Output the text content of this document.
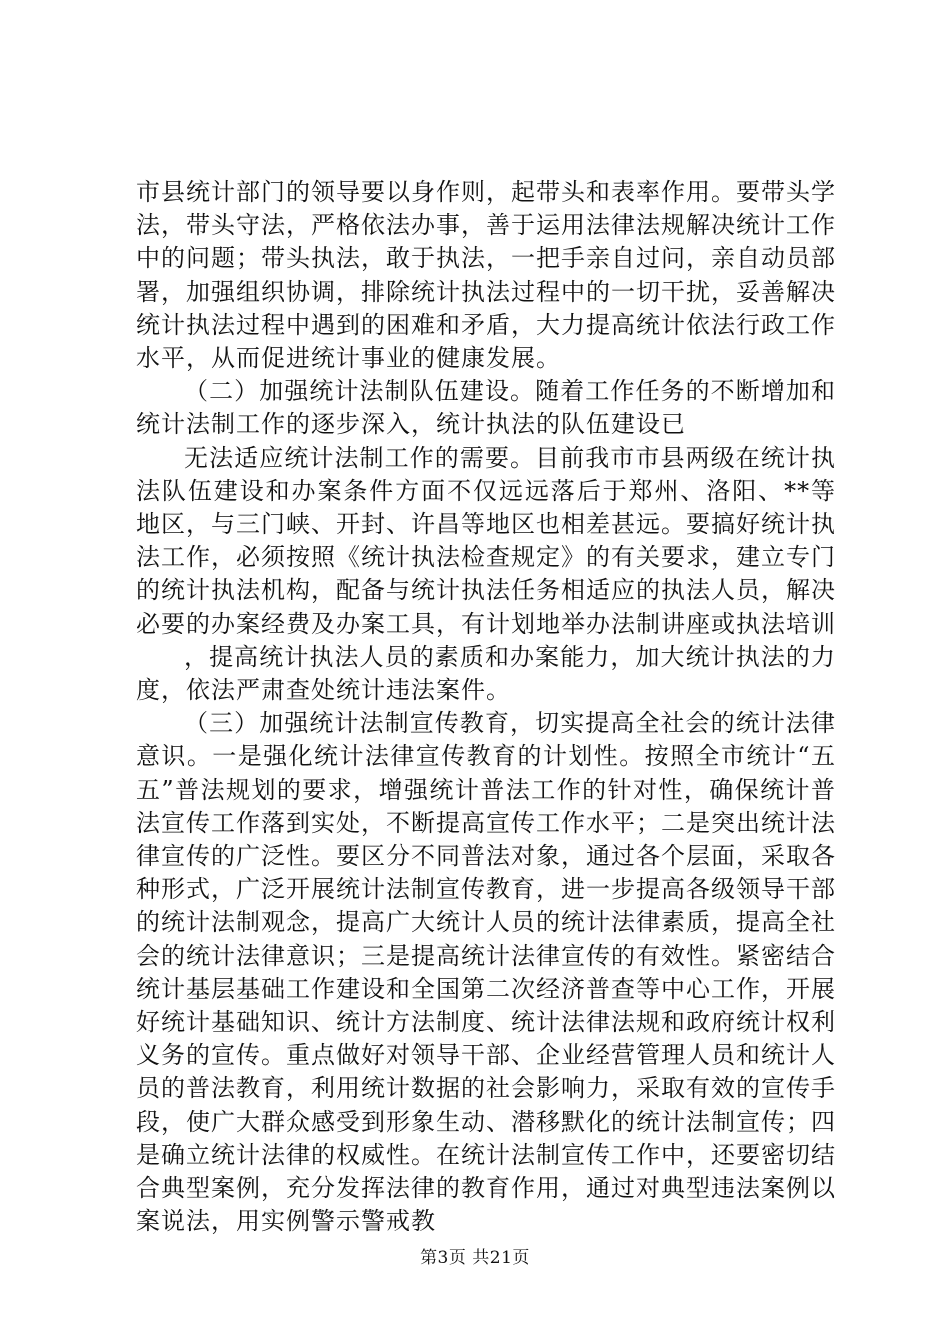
市县统计部门的领导要以身作则，起带头和表率作用。要带头学法，带头守法，严格依法办事，善于运用法律法规解决统计工作中的问题；带头执法，敢于执法，一把手亲自过问，亲自动员部署，加强组织协调，排除统计执法过程中的一切干扰，妥善解决统计执法过程中遇到的困难和矛盾，大力提高统计依法行政工作水平，从而促进统计事业的健康发展。

（二）加强统计法制队伍建设。随着工作任务的不断增加和统计法制工作的逐步深入，统计执法的队伍建设已

无法适应统计法制工作的需要。目前我市市县两级在统计执法队伍建设和办案条件方面不仅远远落后于郑州、洛阳、**等地区，与三门峡、开封、许昌等地区也相差甚远。要搞好统计执法工作，必须按照《统计执法检查规定》的有关要求，建立专门的统计执法机构，配备与统计执法任务相适应的执法人员，解决必要的办案经费及办案工具，有计划地举办法制讲座或执法培训

，提高统计执法人员的素质和办案能力，加大统计执法的力度，依法严肃查处统计违法案件。

（三）加强统计法制宣传教育，切实提高全社会的统计法律意识。一是强化统计法律宣传教育的计划性。按照全市统计“五五”普法规划的要求，增强统计普法工作的针对性，确保统计普法宣传工作落到实处，不断提高宣传工作水平；二是突出统计法律宣传的广泛性。要区分不同普法对象，通过各个层面，采取各种形式，广泛开展统计法制宣传教育，进一步提高各级领导干部的统计法制观念，提高广大统计人员的统计法律素质，提高全社会的统计法律意识；三是提高统计法律宣传的有效性。紧密结合统计基层基础工作建设和全国第二次经济普查等中心工作，开展好统计基础知识、统计方法制度、统计法律法规和政府统计权利义务的宣传。重点做好对领导干部、企业经营管理人员和统计人员的普法教育，利用统计数据的社会影响力，采取有效的宣传手段，使广大群众感受到形象生动、潜移默化的统计法制宣传；四是确立统计法律的权威性。在统计法制宣传工作中，还要密切结合典型案例，充分发挥法律的教育作用，通过对典型违法案例以案说法，用实例警示警戒教

第3页 共21页
